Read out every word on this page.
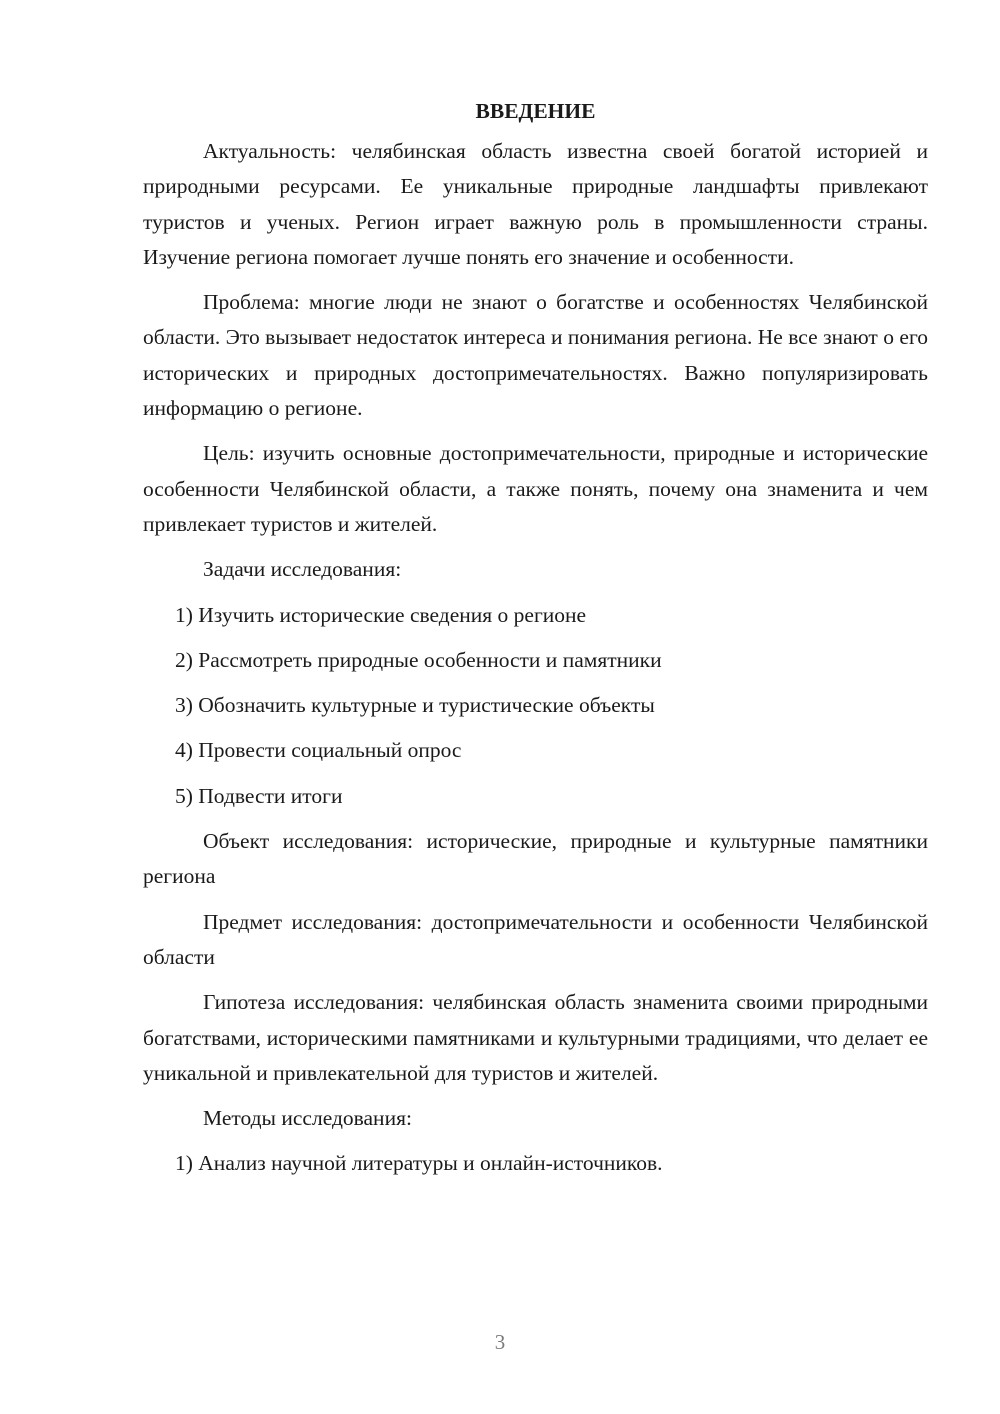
ВВЕДЕНИЕ

Актуальность: челябинская область известна своей богатой историей и природными ресурсами. Ее уникальные природные ландшафты привлекают туристов и ученых. Регион играет важную роль в промышленности страны. Изучение региона помогает лучше понять его значение и особенности.

Проблема: многие люди не знают о богатстве и особенностях Челябинской области. Это вызывает недостаток интереса и понимания региона. Не все знают о его исторических и природных достопримечательностях. Важно популяризировать информацию о регионе.

Цель: изучить основные достопримечательности, природные и исторические особенности Челябинской области, а также понять, почему она знаменита и чем привлекает туристов и жителей.

Задачи исследования:

1) Изучить исторические сведения о регионе
2) Рассмотреть природные особенности и памятники
3) Обозначить культурные и туристические объекты
4) Провести социальный опрос
5) Подвести итоги

Объект исследования: исторические, природные и культурные памятники региона

Предмет исследования: достопримечательности и особенности Челябинской области

Гипотеза исследования: челябинская область знаменита своими природными богатствами, историческими памятниками и культурными традициями, что делает ее уникальной и привлекательной для туристов и жителей.

Методы исследования:

1) Анализ научной литературы и онлайн-источников.
3
